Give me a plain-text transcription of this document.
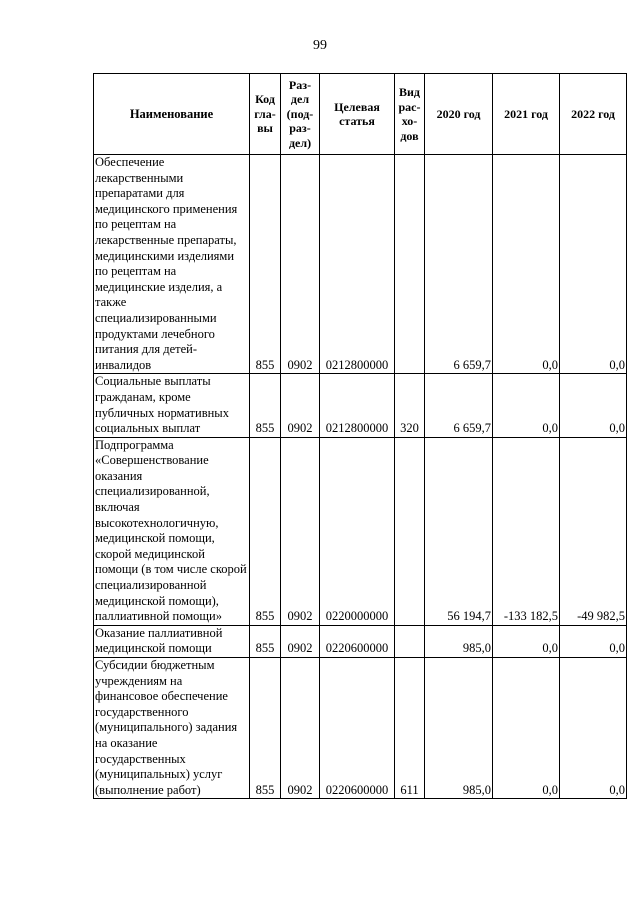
99
Наименование	Код гла- вы	Раз- дел (под- раз- дел)	Целевая статья	Вид рас- хо- дов	2020 год	2021 год	2022 год
Обеспечение лекарственными препаратами для медицинского применения по рецептам на лекарственные препараты, медицинскими изделиями по рецептам на медицинские изделия, а также специализированными продуктами лечебного питания для детей-инвалидов	855	0902	0212800000		6 659,7	0,0	0,0
Социальные выплаты гражданам, кроме публичных нормативных социальных выплат	855	0902	0212800000	320	6 659,7	0,0	0,0
Подпрограмма «Совершенствование оказания специализированной, включая высокотехнологичную, медицинской помощи, скорой медицинской помощи (в том числе скорой специализированной медицинской помощи), паллиативной помощи»	855	0902	0220000000		56 194,7	-133 182,5	-49 982,5
Оказание паллиативной медицинской помощи	855	0902	0220600000		985,0	0,0	0,0
Субсидии бюджетным учреждениям на финансовое обеспечение государственного (муниципального) задания на оказание государственных (муниципальных) услуг (выполнение работ)	855	0902	0220600000	611	985,0	0,0	0,0
